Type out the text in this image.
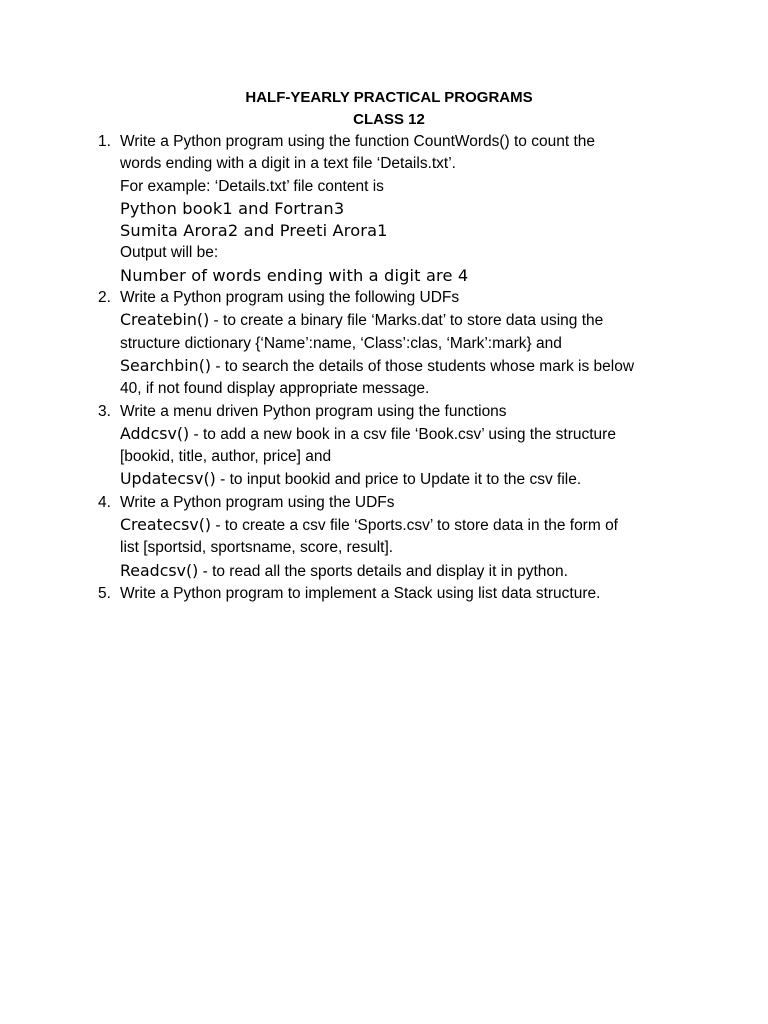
HALF-YEARLY PRACTICAL PROGRAMS
CLASS 12
1. Write a Python program using the function CountWords() to count the
words ending with a digit in a text file ‘Details.txt’.
For example: ‘Details.txt’ file content is
Python book1 and Fortran3
Sumita Arora2 and Preeti Arora1
Output will be:
Number of words ending with a digit are 4
2. Write a Python program using the following UDFs
Createbin() - to create a binary file ‘Marks.dat’ to store data using the
structure dictionary {‘Name’:name, ‘Class’:clas, ‘Mark’:mark} and
Searchbin() - to search the details of those students whose mark is below
40, if not found display appropriate message.
3. Write a menu driven Python program using the functions
Addcsv() - to add a new book in a csv file ‘Book.csv’ using the structure
[bookid, title, author, price] and
Updatecsv() - to input bookid and price to Update it to the csv file.
4. Write a Python program using the UDFs
Createcsv() - to create a csv file ‘Sports.csv’ to store data in the form of
list [sportsid, sportsname, score, result].
Readcsv() - to read all the sports details and display it in python.
5. Write a Python program to implement a Stack using list data structure.
